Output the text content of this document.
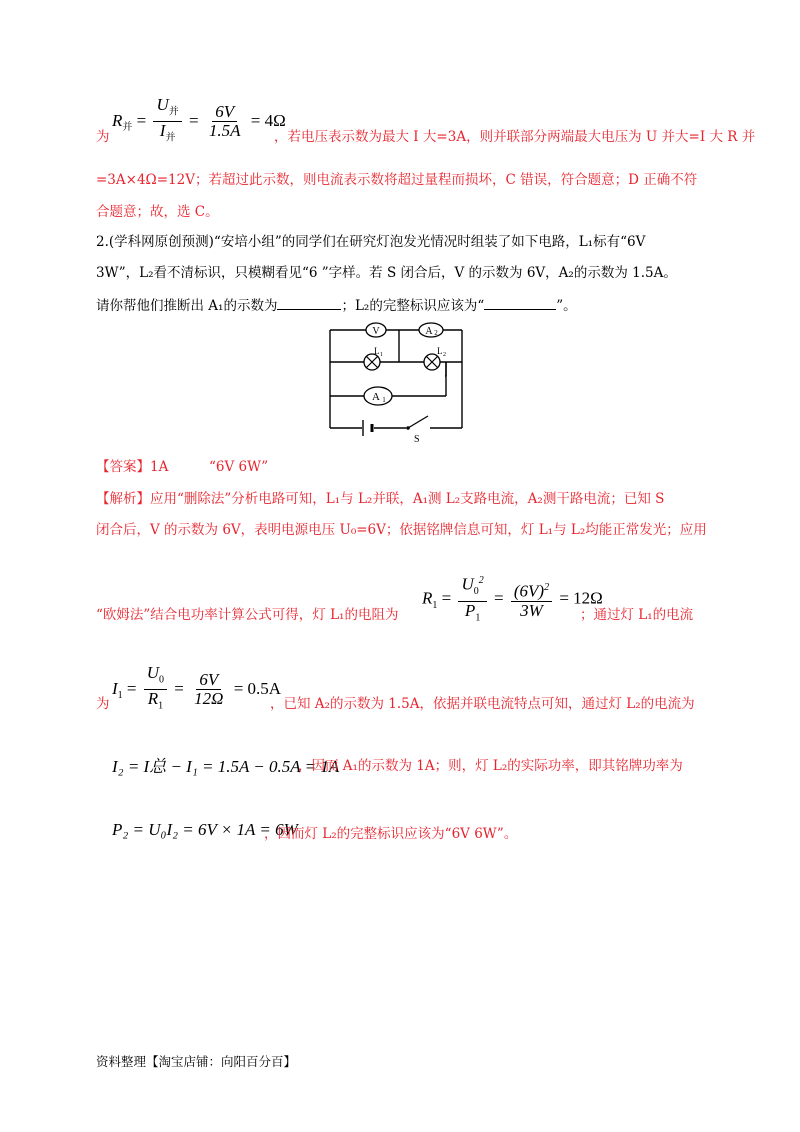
$R_并 = \frac{U_并}{I_并} = \frac{6V}{1.5A} = 4\Omega$
为	，若电压表示数为最大 I 大=3A，则并联部分两端最大电压为 U 并大=I 大 R 并
=3A×4Ω=12V；若超过此示数，则电流表示数将超过量程而损坏，C 错误，符合题意；D 正确不符
合题意；故，选 C。
2.(学科网原创预测)“安培小组”的同学们在研究灯泡发光情况时组装了如下电路，L₁标有“6V
3W”，L₂看不清标识，只模糊看见“6 ”字样。若 S 闭合后，V 的示数为 6V，A₂的示数为 1.5A。
请你帮他们推断出 A₁的示数为	；L₂的完整标识应该为“	”。
V	A 2
L 1	L 2
A 1
S
【答案】1A	“6V 6W”
【解析】应用“删除法”分析电路可知，L₁与 L₂并联，A₁测 L₂支路电流，A₂测干路电流；已知 S
闭合后，V 的示数为 6V，表明电源电压 U₀=6V；依据铭牌信息可知，灯 L₁与 L₂均能正常发光；应用
$R_1 = \frac{U_0^2}{P_1} = \frac{(6V)^2}{3W} = 12\Omega$
“欧姆法”结合电功率计算公式可得，灯 L₁的电阻为	；通过灯 L₁的电流
$I_1 = \frac{U_0}{R_1} = \frac{6V}{12\Omega} = 0.5A$
为	，已知 A₂的示数为 1.5A，依据并联电流特点可知，通过灯 L₂的电流为
I₂ = I总 − I₁ = 1.5A − 0.5A = 1A
，因而 A₁的示数为 1A；则，灯 L₂的实际功率，即其铭牌功率为
P₂ = U₀I₂ = 6V × 1A = 6W
，因而灯 L₂的完整标识应该为“6V 6W”。
资料整理【淘宝店铺：向阳百分百】
